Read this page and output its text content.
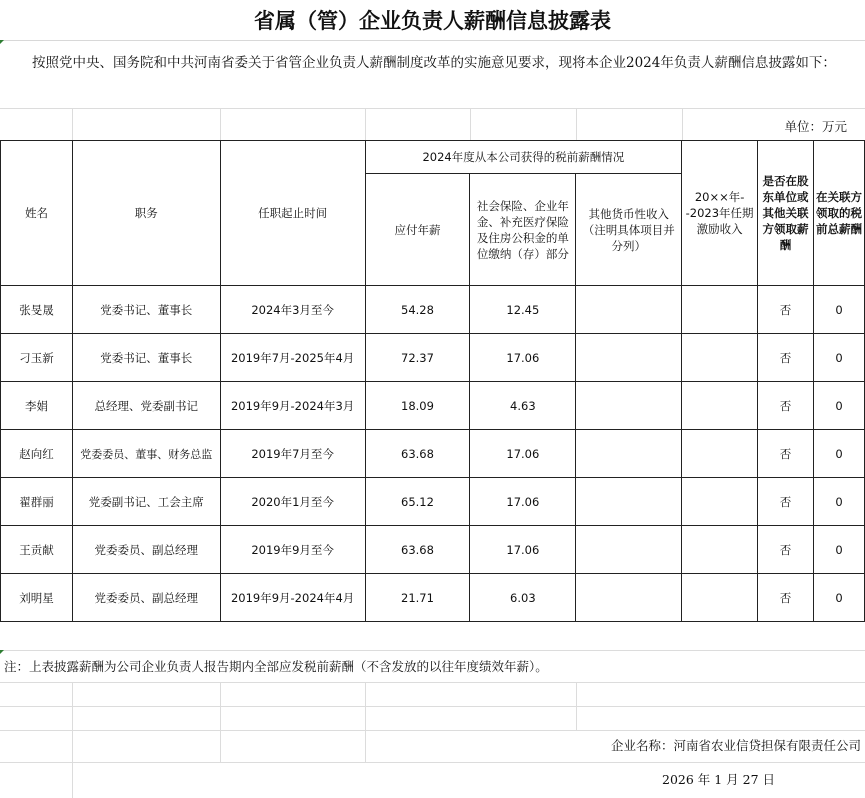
省属（管）企业负责人薪酬信息披露表
按照党中央、国务院和中共河南省委关于省管企业负责人薪酬制度改革的实施意见要求，现将本企业2024年负责人薪酬信息披露如下：
单位：万元
姓名	职务	任职起止时间	2024年度从本公司获得的税前薪酬情况			20××年--2023年任期激励收入	是否在股东单位或其他关联方领取薪酬	在关联方领取的税前总薪酬
			应付年薪	社会保险、企业年金、补充医疗保险及住房公积金的单位缴纳（存）部分	其他货币性收入（注明具体项目并分列）			
张旻晟	党委书记、董事长	2024年3月至今	54.28	12.45			否	0
刁玉新	党委书记、董事长	2019年7月-2025年4月	72.37	17.06			否	0
李娟	总经理、党委副书记	2019年9月-2024年3月	18.09	4.63			否	0
赵向红	党委委员、董事、财务总监	2019年7月至今	63.68	17.06			否	0
翟群丽	党委副书记、工会主席	2020年1月至今	65.12	17.06			否	0
王贡献	党委委员、副总经理	2019年9月至今	63.68	17.06			否	0
刘明星	党委委员、副总经理	2019年9月-2024年4月	21.71	6.03			否	0
注：上表披露薪酬为公司企业负责人报告期内全部应发税前薪酬（不含发放的以往年度绩效年薪）。
企业名称：河南省农业信贷担保有限责任公司
2026 年 1 月 27 日
